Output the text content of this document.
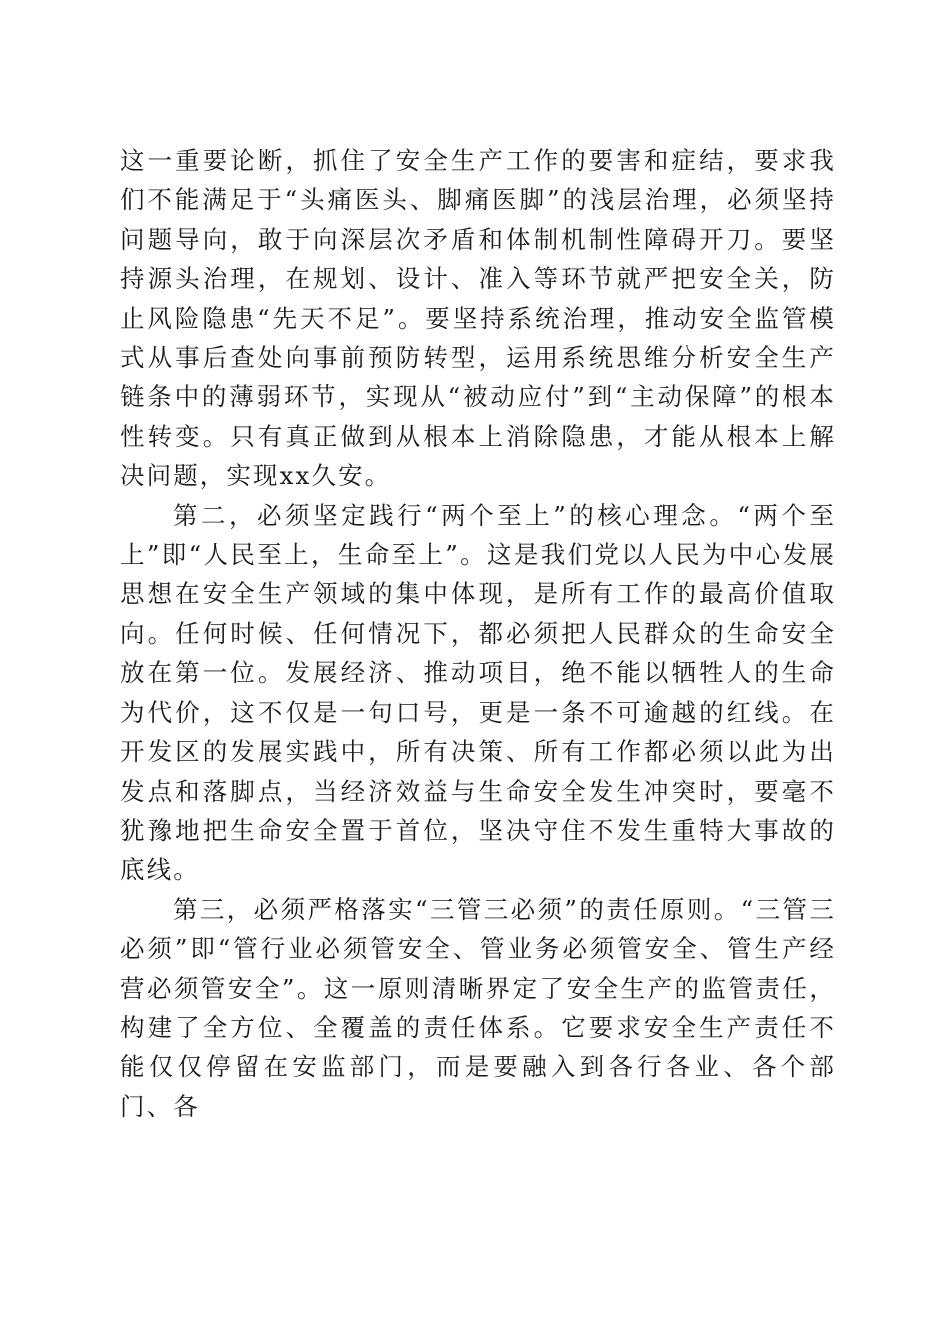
这一重要论断，抓住了安全生产工作的要害和症结，要求我们不能满足于“头痛医头、脚痛医脚”的浅层治理，必须坚持问题导向，敢于向深层次矛盾和体制机制性障碍开刀。要坚持源头治理，在规划、设计、准入等环节就严把安全关，防止风险隐患“先天不足”。要坚持系统治理，推动安全监管模式从事后查处向事前预防转型，运用系统思维分析安全生产链条中的薄弱环节，实现从“被动应付”到“主动保障”的根本性转变。只有真正做到从根本上消除隐患，才能从根本上解决问题，实现xx久安。

第二，必须坚定践行“两个至上”的核心理念。“两个至上”即“人民至上，生命至上”。这是我们党以人民为中心发展思想在安全生产领域的集中体现，是所有工作的最高价值取向。任何时候、任何情况下，都必须把人民群众的生命安全放在第一位。发展经济、推动项目，绝不能以牺牲人的生命为代价，这不仅是一句口号，更是一条不可逾越的红线。在开发区的发展实践中，所有决策、所有工作都必须以此为出发点和落脚点，当经济效益与生命安全发生冲突时，要毫不犹豫地把生命安全置于首位，坚决守住不发生重特大事故的底线。

第三，必须严格落实“三管三必须”的责任原则。“三管三必须”即“管行业必须管安全、管业务必须管安全、管生产经营必须管安全”。这一原则清晰界定了安全生产的监管责任，构建了全方位、全覆盖的责任体系。它要求安全生产责任不能仅仅停留在安监部门，而是要融入到各行各业、各个部门、各
